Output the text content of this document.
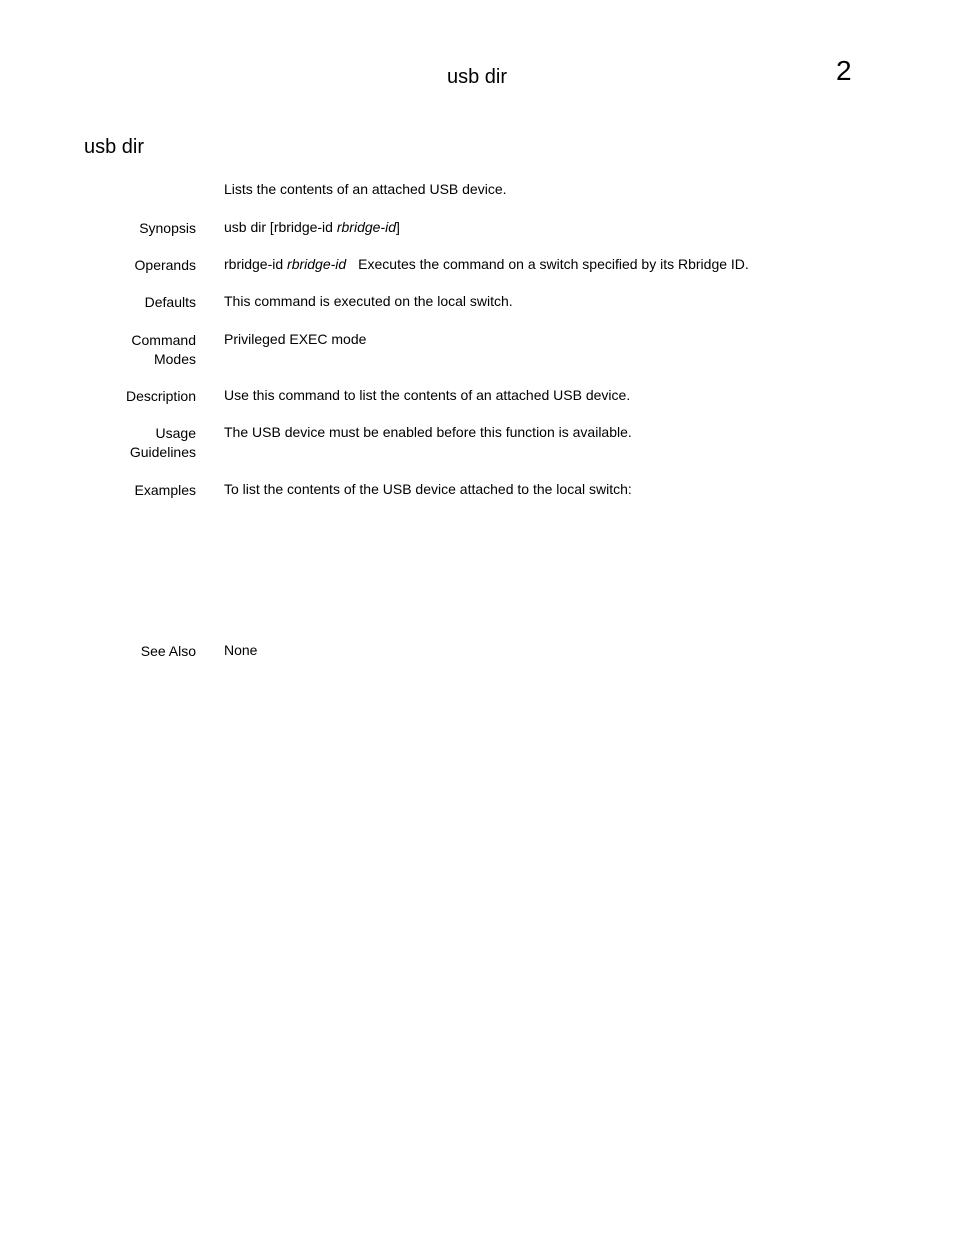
usb dir	2
usb dir
Lists the contents of an attached USB device.
Synopsis usb dir [rbridge-id rbridge-id]
Operands rbridge-id rbridge-id Executes the command on a switch specified by its Rbridge ID.
Defaults This command is executed on the local switch.
Command
Modes
Privileged EXEC mode
Description Use this command to list the contents of an attached USB device.
Usage
Guidelines
The USB device must be enabled before this function is available.
Examples To list the contents of the USB device attached to the local switch:
See Also None
